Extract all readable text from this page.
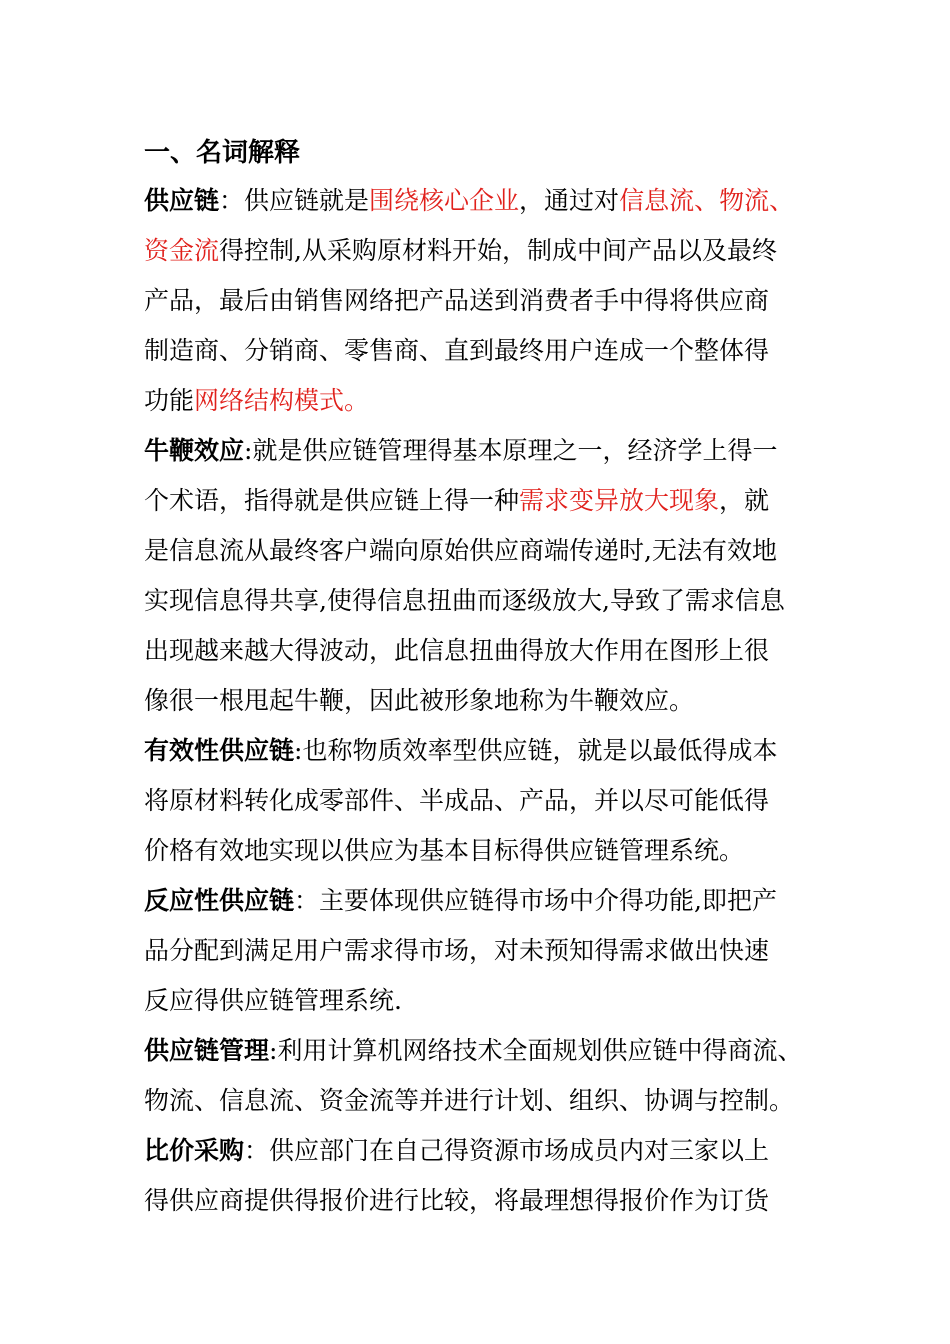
一、名词解释
供应链：供应链就是围绕核心企业，通过对信息流、物流、
资金流得控制,从采购原材料开始，制成中间产品以及最终
产品，最后由销售网络把产品送到消费者手中得将供应商
制造商、分销商、零售商、直到最终用户连成一个整体得
功能网络结构模式。
牛鞭效应:就是供应链管理得基本原理之一，经济学上得一
个术语，指得就是供应链上得一种需求变异放大现象，就
是信息流从最终客户端向原始供应商端传递时,无法有效地
实现信息得共享,使得信息扭曲而逐级放大,导致了需求信息
出现越来越大得波动，此信息扭曲得放大作用在图形上很
像很一根甩起牛鞭，因此被形象地称为牛鞭效应。
有效性供应链:也称物质效率型供应链，就是以最低得成本
将原材料转化成零部件、半成品、产品，并以尽可能低得
价格有效地实现以供应为基本目标得供应链管理系统。
反应性供应链：主要体现供应链得市场中介得功能,即把产
品分配到满足用户需求得市场，对未预知得需求做出快速
反应得供应链管理系统.
供应链管理:利用计算机网络技术全面规划供应链中得商流、
物流、信息流、资金流等并进行计划、组织、协调与控制。
比价采购：供应部门在自己得资源市场成员内对三家以上
得供应商提供得报价进行比较，将最理想得报价作为订货
